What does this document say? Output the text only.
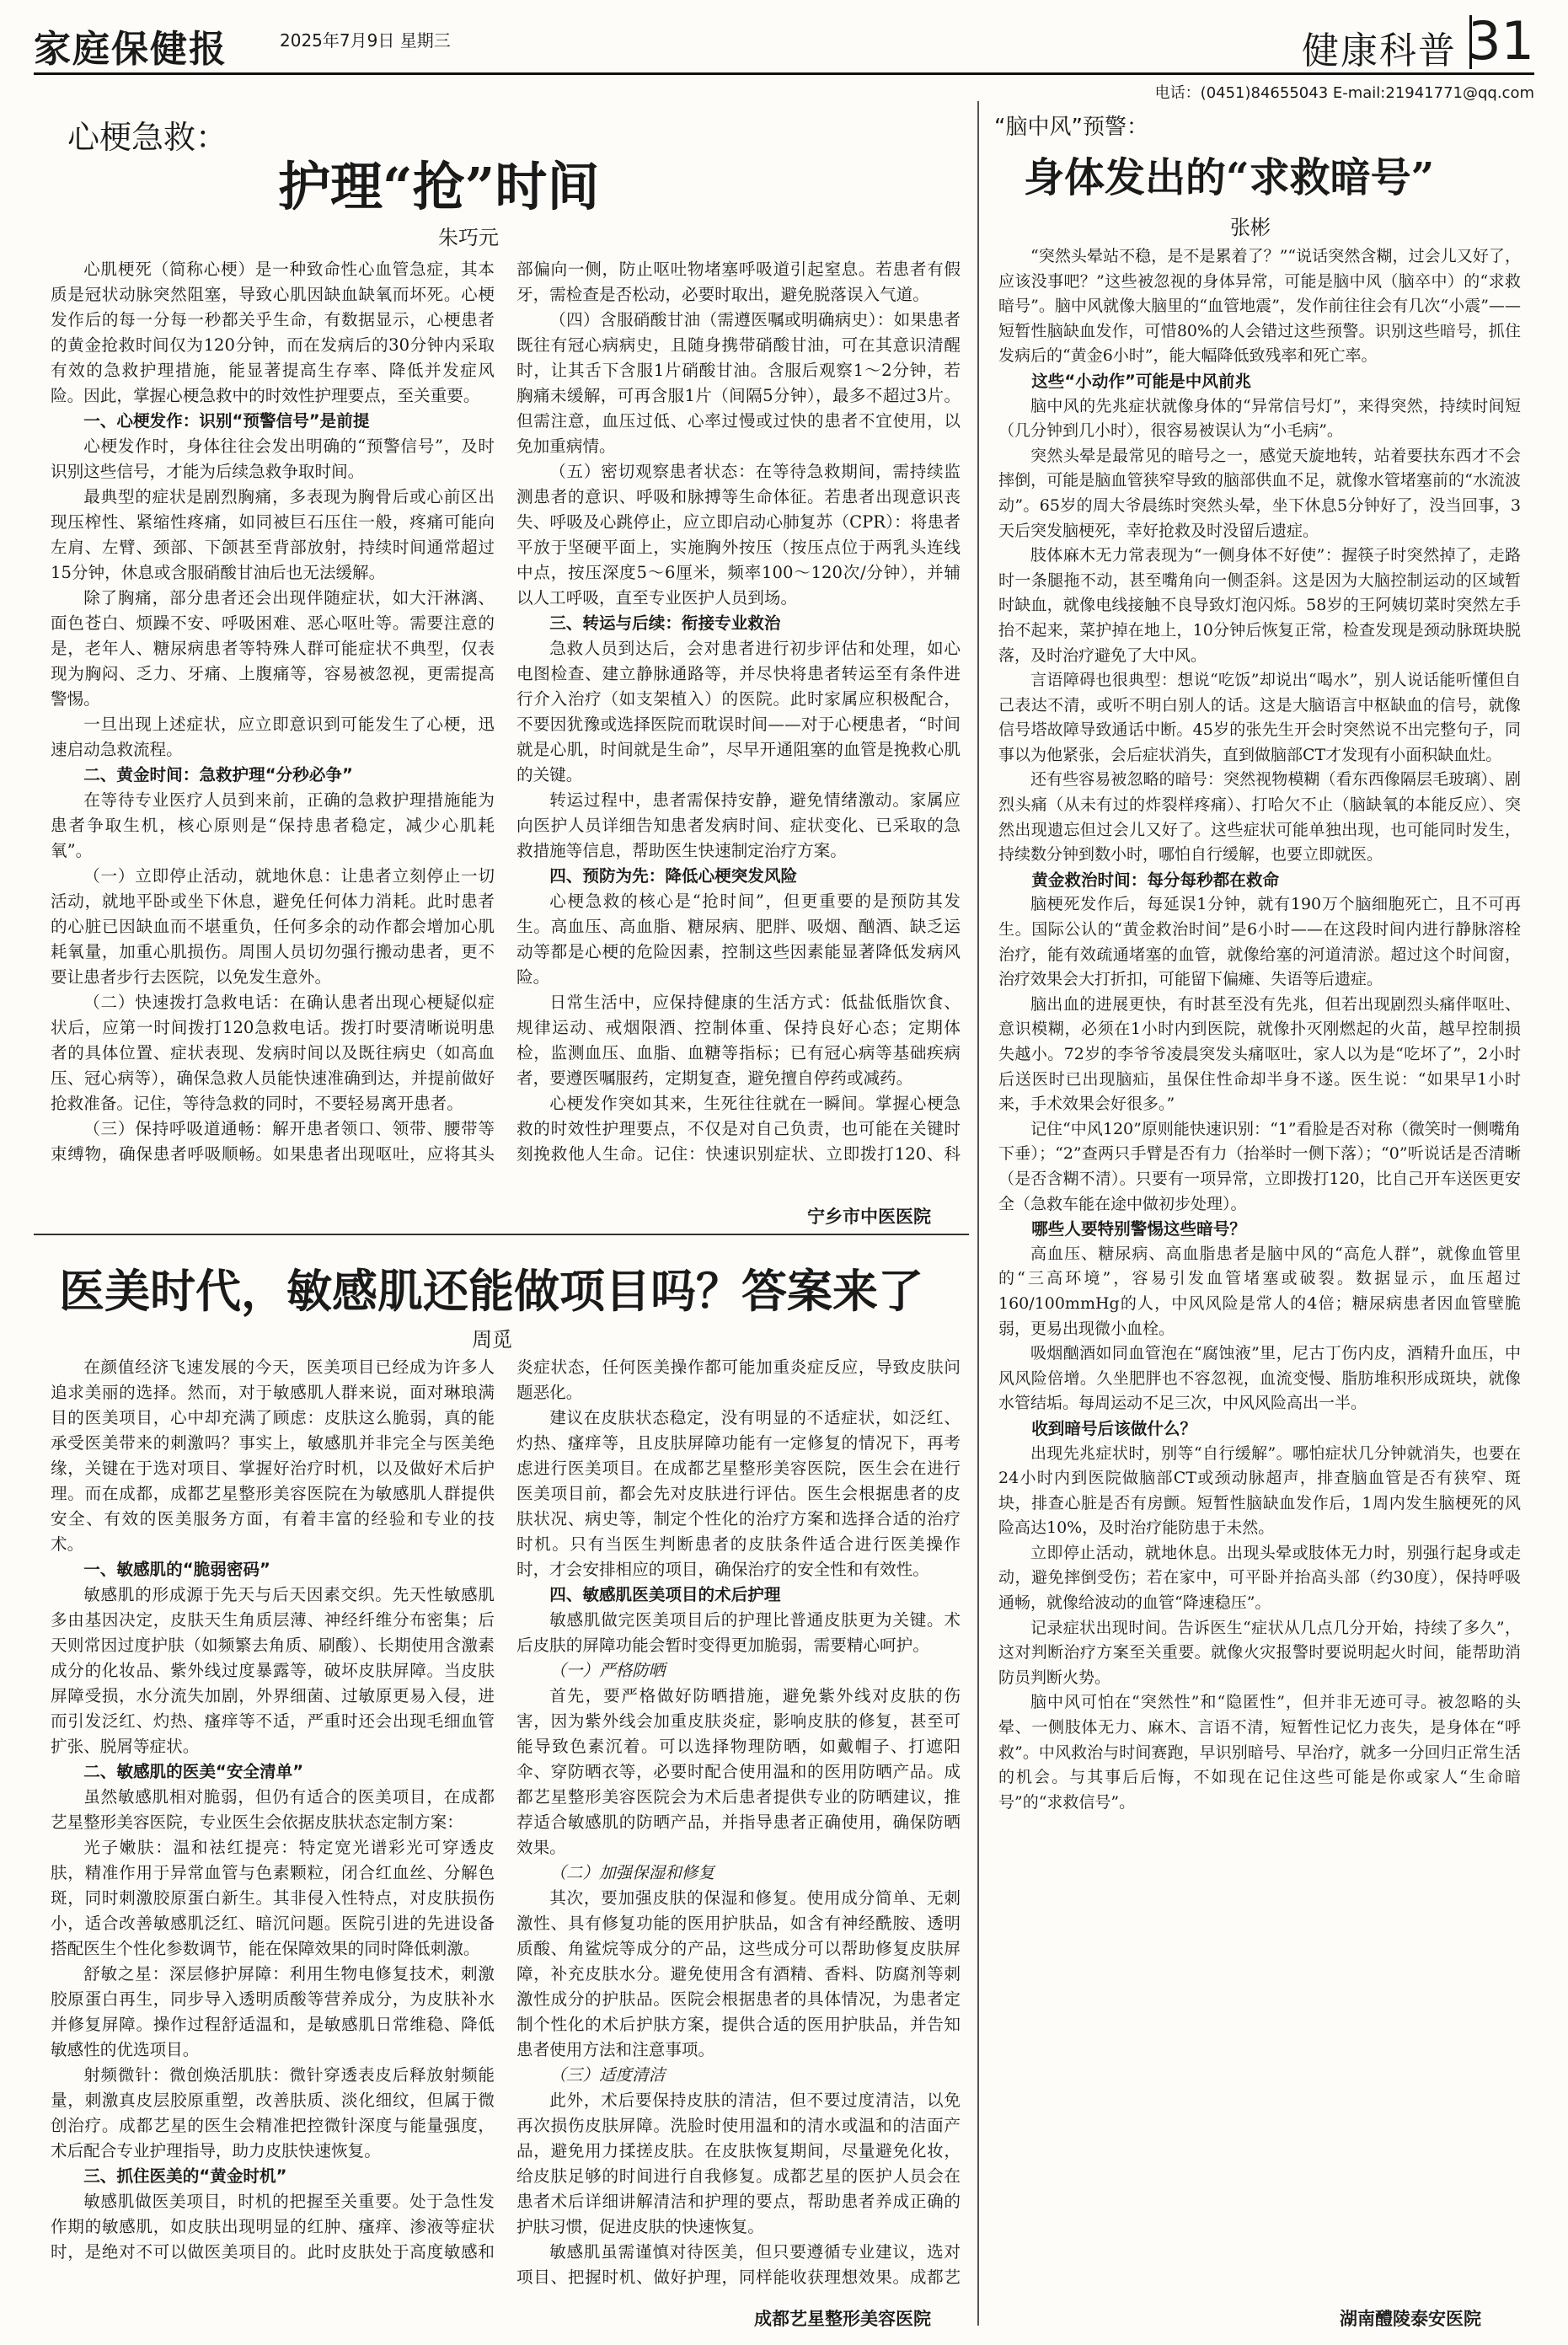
家庭保健报	2025年7月9日 星期三	健康科普 31
电话：(0451)84655043 E-mail:21941771@qq.com
心梗急救：
护理“抢”时间
朱巧元

心肌梗死（简称心梗）是一种致命性心血管急症，其本质是冠状动脉突然阻塞，导致心肌因缺血缺氧而坏死。心梗发作后的每一分每一秒都关乎生命，有数据显示，心梗患者的黄金抢救时间仅为120分钟，而在发病后的30分钟内采取有效的急救护理措施，能显著提高生存率、降低并发症风险。因此，掌握心梗急救中的时效性护理要点，至关重要。

一、心梗发作：识别“预警信号”是前提

心梗发作时，身体往往会发出明确的“预警信号”，及时识别这些信号，才能为后续急救争取时间。

最典型的症状是剧烈胸痛，多表现为胸骨后或心前区出现压榨性、紧缩性疼痛，如同被巨石压住一般，疼痛可能向左肩、左臂、颈部、下颌甚至背部放射，持续时间通常超过15分钟，休息或含服硝酸甘油后也无法缓解。

除了胸痛，部分患者还会出现伴随症状，如大汗淋漓、面色苍白、烦躁不安、呼吸困难、恶心呕吐等。需要注意的是，老年人、糖尿病患者等特殊人群可能症状不典型，仅表现为胸闷、乏力、牙痛、上腹痛等，容易被忽视，更需提高警惕。

一旦出现上述症状，应立即意识到可能发生了心梗，迅速启动急救流程。

二、黄金时间：急救护理“分秒必争”

在等待专业医疗人员到来前，正确的急救护理措施能为患者争取生机，核心原则是“保持患者稳定，减少心肌耗氧”。

（一）立即停止活动，就地休息：让患者立刻停止一切活动，就地平卧或坐下休息，避免任何体力消耗。此时患者的心脏已因缺血而不堪重负，任何多余的动作都会增加心肌耗氧量，加重心肌损伤。周围人员切勿强行搬动患者，更不要让患者步行去医院，以免发生意外。

（二）快速拨打急救电话：在确认患者出现心梗疑似症状后，应第一时间拨打120急救电话。拨打时要清晰说明患者的具体位置、症状表现、发病时间以及既往病史（如高血压、冠心病等），确保急救人员能快速准确到达，并提前做好抢救准备。记住，等待急救的同时，不要轻易离开患者。

（三）保持呼吸道通畅：解开患者领口、领带、腰带等束缚物，确保患者呼吸顺畅。如果患者出现呕吐，应将其头部偏向一侧，防止呕吐物堵塞呼吸道引起窒息。若患者有假牙，需检查是否松动，必要时取出，避免脱落误入气道。

（四）含服硝酸甘油（需遵医嘱或明确病史）：如果患者既往有冠心病病史，且随身携带硝酸甘油，可在其意识清醒时，让其舌下含服1片硝酸甘油。含服后观察1～2分钟，若胸痛未缓解，可再含服1片（间隔5分钟），最多不超过3片。但需注意，血压过低、心率过慢或过快的患者不宜使用，以免加重病情。

（五）密切观察患者状态：在等待急救期间，需持续监测患者的意识、呼吸和脉搏等生命体征。若患者出现意识丧失、呼吸及心跳停止，应立即启动心肺复苏（CPR）：将患者平放于坚硬平面上，实施胸外按压（按压点位于两乳头连线中点，按压深度5～6厘米，频率100～120次/分钟），并辅以人工呼吸，直至专业医护人员到场。

三、转运与后续：衔接专业救治

急救人员到达后，会对患者进行初步评估和处理，如心电图检查、建立静脉通路等，并尽快将患者转运至有条件进行介入治疗（如支架植入）的医院。此时家属应积极配合，不要因犹豫或选择医院而耽误时间——对于心梗患者，“时间就是心肌，时间就是生命”，尽早开通阻塞的血管是挽救心肌的关键。

转运过程中，患者需保持安静，避免情绪激动。家属应向医护人员详细告知患者发病时间、症状变化、已采取的急救措施等信息，帮助医生快速制定治疗方案。

四、预防为先：降低心梗突发风险

心梗急救的核心是“抢时间”，但更重要的是预防其发生。高血压、高血脂、糖尿病、肥胖、吸烟、酗酒、缺乏运动等都是心梗的危险因素，控制这些因素能显著降低发病风险。

日常生活中，应保持健康的生活方式：低盐低脂饮食、规律运动、戒烟限酒、控制体重、保持良好心态；定期体检，监测血压、血脂、血糖等指标；已有冠心病等基础疾病者，要遵医嘱服药，定期复查，避免擅自停药或减药。

心梗发作突如其来，生死往往就在一瞬间。掌握心梗急救的时效性护理要点，不仅是对自己负责，也可能在关键时刻挽救他人生命。记住：快速识别症状、立即拨打120、科

宁乡市中医医院
医美时代，敏感肌还能做项目吗？答案来了
周觅

在颜值经济飞速发展的今天，医美项目已经成为许多人追求美丽的选择。然而，对于敏感肌人群来说，面对琳琅满目的医美项目，心中却充满了顾虑：皮肤这么脆弱，真的能承受医美带来的刺激吗？事实上，敏感肌并非完全与医美绝缘，关键在于选对项目、掌握好治疗时机，以及做好术后护理。而在成都，成都艺星整形美容医院在为敏感肌人群提供安全、有效的医美服务方面，有着丰富的经验和专业的技术。

一、敏感肌的“脆弱密码”

敏感肌的形成源于先天与后天因素交织。先天性敏感肌多由基因决定，皮肤天生角质层薄、神经纤维分布密集；后天则常因过度护肤（如频繁去角质、刷酸）、长期使用含激素成分的化妆品、紫外线过度暴露等，破坏皮肤屏障。当皮肤屏障受损，水分流失加剧，外界细菌、过敏原更易入侵，进而引发泛红、灼热、瘙痒等不适，严重时还会出现毛细血管扩张、脱屑等症状。

二、敏感肌的医美“安全清单”

虽然敏感肌相对脆弱，但仍有适合的医美项目，在成都艺星整形美容医院，专业医生会依据皮肤状态定制方案：

光子嫩肤：温和祛红提亮：特定宽光谱彩光可穿透皮肤，精准作用于异常血管与色素颗粒，闭合红血丝、分解色斑，同时刺激胶原蛋白新生。其非侵入性特点，对皮肤损伤小，适合改善敏感肌泛红、暗沉问题。医院引进的先进设备搭配医生个性化参数调节，能在保障效果的同时降低刺激。

舒敏之星：深层修护屏障：利用生物电修复技术，刺激胶原蛋白再生，同步导入透明质酸等营养成分，为皮肤补水并修复屏障。操作过程舒适温和，是敏感肌日常维稳、降低敏感性的优选项目。

射频微针：微创焕活肌肤：微针穿透表皮后释放射频能量，刺激真皮层胶原重塑，改善肤质、淡化细纹，但属于微创治疗。成都艺星的医生会精准把控微针深度与能量强度，术后配合专业护理指导，助力皮肤快速恢复。

三、抓住医美的“黄金时机”

敏感肌做医美项目，时机的把握至关重要。处于急性发作期的敏感肌，如皮肤出现明显的红肿、瘙痒、渗液等症状时，是绝对不可以做医美项目的。此时皮肤处于高度敏感和炎症状态，任何医美操作都可能加重炎症反应，导致皮肤问题恶化。

建议在皮肤状态稳定，没有明显的不适症状，如泛红、灼热、瘙痒等，且皮肤屏障功能有一定修复的情况下，再考虑进行医美项目。在成都艺星整形美容医院，医生会在进行医美项目前，都会先对皮肤进行评估。医生会根据患者的皮肤状况、病史等，制定个性化的治疗方案和选择合适的治疗时机。只有当医生判断患者的皮肤条件适合进行医美操作时，才会安排相应的项目，确保治疗的安全性和有效性。

四、敏感肌医美项目的术后护理

敏感肌做完医美项目后的护理比普通皮肤更为关键。术后皮肤的屏障功能会暂时变得更加脆弱，需要精心呵护。

（一）严格防晒

首先，要严格做好防晒措施，避免紫外线对皮肤的伤害，因为紫外线会加重皮肤炎症，影响皮肤的修复，甚至可能导致色素沉着。可以选择物理防晒，如戴帽子、打遮阳伞、穿防晒衣等，必要时配合使用温和的医用防晒产品。成都艺星整形美容医院会为术后患者提供专业的防晒建议，推荐适合敏感肌的防晒产品，并指导患者正确使用，确保防晒效果。

（二）加强保湿和修复

其次，要加强皮肤的保湿和修复。使用成分简单、无刺激性、具有修复功能的医用护肤品，如含有神经酰胺、透明质酸、角鲨烷等成分的产品，这些成分可以帮助修复皮肤屏障，补充皮肤水分。避免使用含有酒精、香料、防腐剂等刺激性成分的护肤品。医院会根据患者的具体情况，为患者定制个性化的术后护肤方案，提供合适的医用护肤品，并告知患者使用方法和注意事项。

（三）适度清洁

此外，术后要保持皮肤的清洁，但不要过度清洁，以免再次损伤皮肤屏障。洗脸时使用温和的清水或温和的洁面产品，避免用力揉搓皮肤。在皮肤恢复期间，尽量避免化妆，给皮肤足够的时间进行自我修复。成都艺星的医护人员会在患者术后详细讲解清洁和护理的要点，帮助患者养成正确的护肤习惯，促进皮肤的快速恢复。

敏感肌虽需谨慎对待医美，但只要遵循专业建议，选对项目、把握时机、做好护理，同样能收获理想效果。成都艺

成都艺星整形美容医院
“脑中风”预警：
身体发出的“求救暗号”
张彬

“突然头晕站不稳，是不是累着了？”“说话突然含糊，过会儿又好了，应该没事吧？”这些被忽视的身体异常，可能是脑中风（脑卒中）的“求救暗号”。脑中风就像大脑里的“血管地震”，发作前往往会有几次“小震”——短暂性脑缺血发作，可惜80%的人会错过这些预警。识别这些暗号，抓住发病后的“黄金6小时”，能大幅降低致残率和死亡率。

这些“小动作”可能是中风前兆

脑中风的先兆症状就像身体的“异常信号灯”，来得突然，持续时间短（几分钟到几小时），很容易被误认为“小毛病”。

突然头晕是最常见的暗号之一，感觉天旋地转，站着要扶东西才不会摔倒，可能是脑血管狭窄导致的脑部供血不足，就像水管堵塞前的“水流波动”。65岁的周大爷晨练时突然头晕，坐下休息5分钟好了，没当回事，3天后突发脑梗死，幸好抢救及时没留后遗症。

肢体麻木无力常表现为“一侧身体不好使”：握筷子时突然掉了，走路时一条腿拖不动，甚至嘴角向一侧歪斜。这是因为大脑控制运动的区域暂时缺血，就像电线接触不良导致灯泡闪烁。58岁的王阿姨切菜时突然左手抬不起来，菜护掉在地上，10分钟后恢复正常，检查发现是颈动脉斑块脱落，及时治疗避免了大中风。

言语障碍也很典型：想说“吃饭”却说出“喝水”，别人说话能听懂但自己表达不清，或听不明白别人的话。这是大脑语言中枢缺血的信号，就像信号塔故障导致通话中断。45岁的张先生开会时突然说不出完整句子，同事以为他紧张，会后症状消失，直到做脑部CT才发现有小面积缺血灶。

还有些容易被忽略的暗号：突然视物模糊（看东西像隔层毛玻璃）、剧烈头痛（从未有过的炸裂样疼痛）、打哈欠不止（脑缺氧的本能反应）、突然出现遗忘但过会儿又好了。这些症状可能单独出现，也可能同时发生，持续数分钟到数小时，哪怕自行缓解，也要立即就医。

黄金救治时间：每分每秒都在救命

脑梗死发作后，每延误1分钟，就有190万个脑细胞死亡，且不可再生。国际公认的“黄金救治时间”是6小时——在这段时间内进行静脉溶栓治疗，能有效疏通堵塞的血管，就像给塞的河道清淤。超过这个时间窗，治疗效果会大打折扣，可能留下偏瘫、失语等后遗症。

脑出血的进展更快，有时甚至没有先兆，但若出现剧烈头痛伴呕吐、意识模糊，必须在1小时内到医院，就像扑灭刚燃起的火苗，越早控制损失越小。72岁的李爷爷凌晨突发头痛呕吐，家人以为是“吃坏了”，2小时后送医时已出现脑疝，虽保住性命却半身不遂。医生说：“如果早1小时来，手术效果会好很多。”

记住“中风120”原则能快速识别：“1”看脸是否对称（微笑时一侧嘴角下垂）；“2”查两只手臂是否有力（抬举时一侧下落）；“0”听说话是否清晰（是否含糊不清）。只要有一项异常，立即拨打120，比自己开车送医更安全（急救车能在途中做初步处理）。

哪些人要特别警惕这些暗号？

高血压、糖尿病、高血脂患者是脑中风的“高危人群”，就像血管里的“三高环境”，容易引发血管堵塞或破裂。数据显示，血压超过160/100mmHg的人，中风风险是常人的4倍；糖尿病患者因血管壁脆弱，更易出现微小血栓。

吸烟酗酒如同血管泡在“腐蚀液”里，尼古丁伤内皮，酒精升血压，中风风险倍增。久坐肥胖也不容忽视，血流变慢、脂肪堆积形成斑块，就像水管结垢。每周运动不足三次，中风风险高出一半。

收到暗号后该做什么？

出现先兆症状时，别等“自行缓解”。哪怕症状几分钟就消失，也要在24小时内到医院做脑部CT或颈动脉超声，排查脑血管是否有狭窄、斑块，排查心脏是否有房颤。短暂性脑缺血发作后，1周内发生脑梗死的风险高达10%，及时治疗能防患于未然。

立即停止活动，就地休息。出现头晕或肢体无力时，别强行起身或走动，避免摔倒受伤；若在家中，可平卧并抬高头部（约30度），保持呼吸通畅，就像给波动的血管“降速稳压”。

记录症状出现时间。告诉医生“症状从几点几分开始，持续了多久”，这对判断治疗方案至关重要。就像火灾报警时要说明起火时间，能帮助消防员判断火势。

脑中风可怕在“突然性”和“隐匿性”，但并非无迹可寻。被忽略的头晕、一侧肢体无力、麻木、言语不清，短暂性记忆力丧失，是身体在“呼救”。中风救治与时间赛跑，早识别暗号、早治疗，就多一分回归正常生活的机会。与其事后后悔，不如现在记住这些可能是你或家人“生命暗号”的“求救信号”。

湖南醴陵泰安医院
